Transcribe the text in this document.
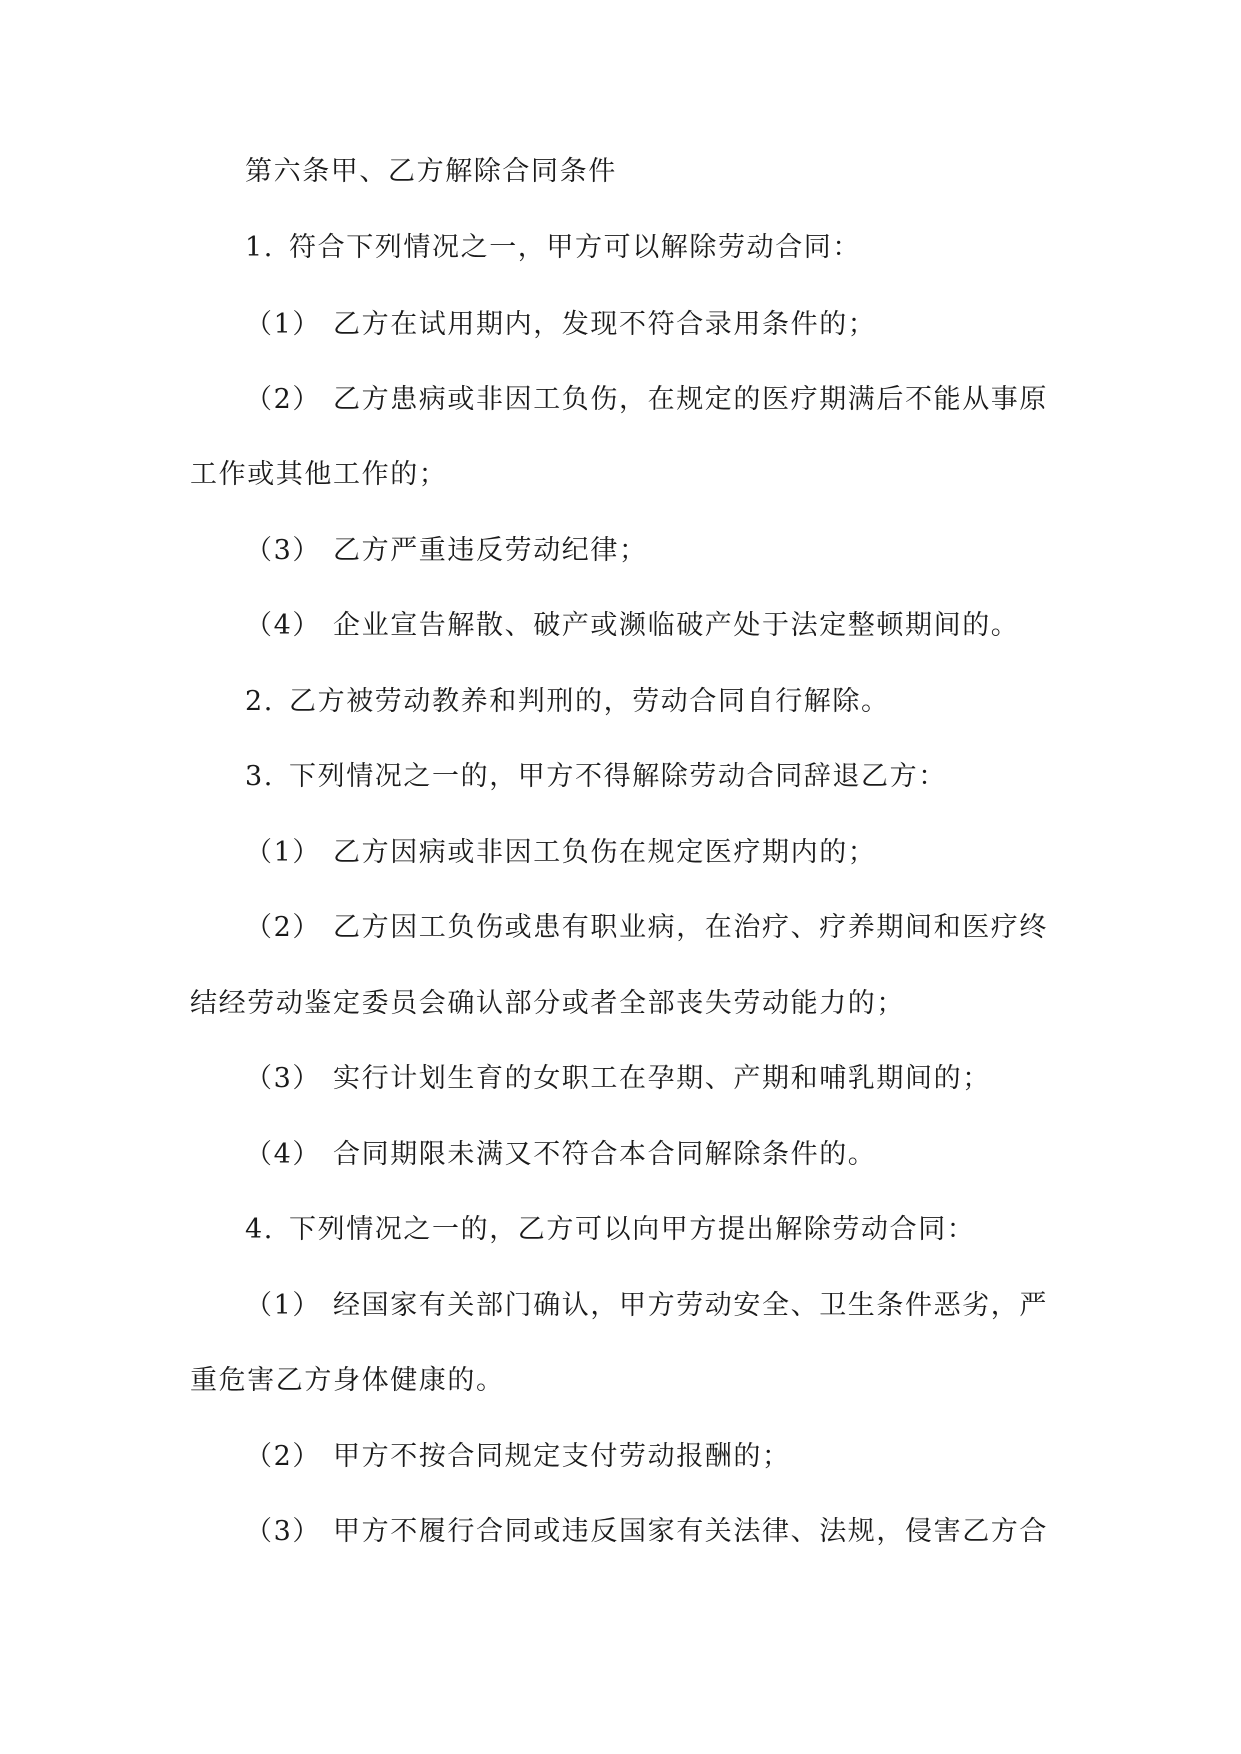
第六条甲、乙方解除合同条件
1. 符合下列情况之一，甲方可以解除劳动合同：
（1） 乙方在试用期内，发现不符合录用条件的；
（2） 乙方患病或非因工负伤，在规定的医疗期满后不能从事原
工作或其他工作的；
（3） 乙方严重违反劳动纪律；
（4） 企业宣告解散、破产或濒临破产处于法定整顿期间的。
2. 乙方被劳动教养和判刑的，劳动合同自行解除。
3. 下列情况之一的，甲方不得解除劳动合同辞退乙方：
（1） 乙方因病或非因工负伤在规定医疗期内的；
（2） 乙方因工负伤或患有职业病，在治疗、疗养期间和医疗终
结经劳动鉴定委员会确认部分或者全部丧失劳动能力的；
（3） 实行计划生育的女职工在孕期、产期和哺乳期间的；
（4） 合同期限未满又不符合本合同解除条件的。
4. 下列情况之一的，乙方可以向甲方提出解除劳动合同：
（1） 经国家有关部门确认，甲方劳动安全、卫生条件恶劣，严
重危害乙方身体健康的。
（2） 甲方不按合同规定支付劳动报酬的；
（3） 甲方不履行合同或违反国家有关法律、法规，侵害乙方合
